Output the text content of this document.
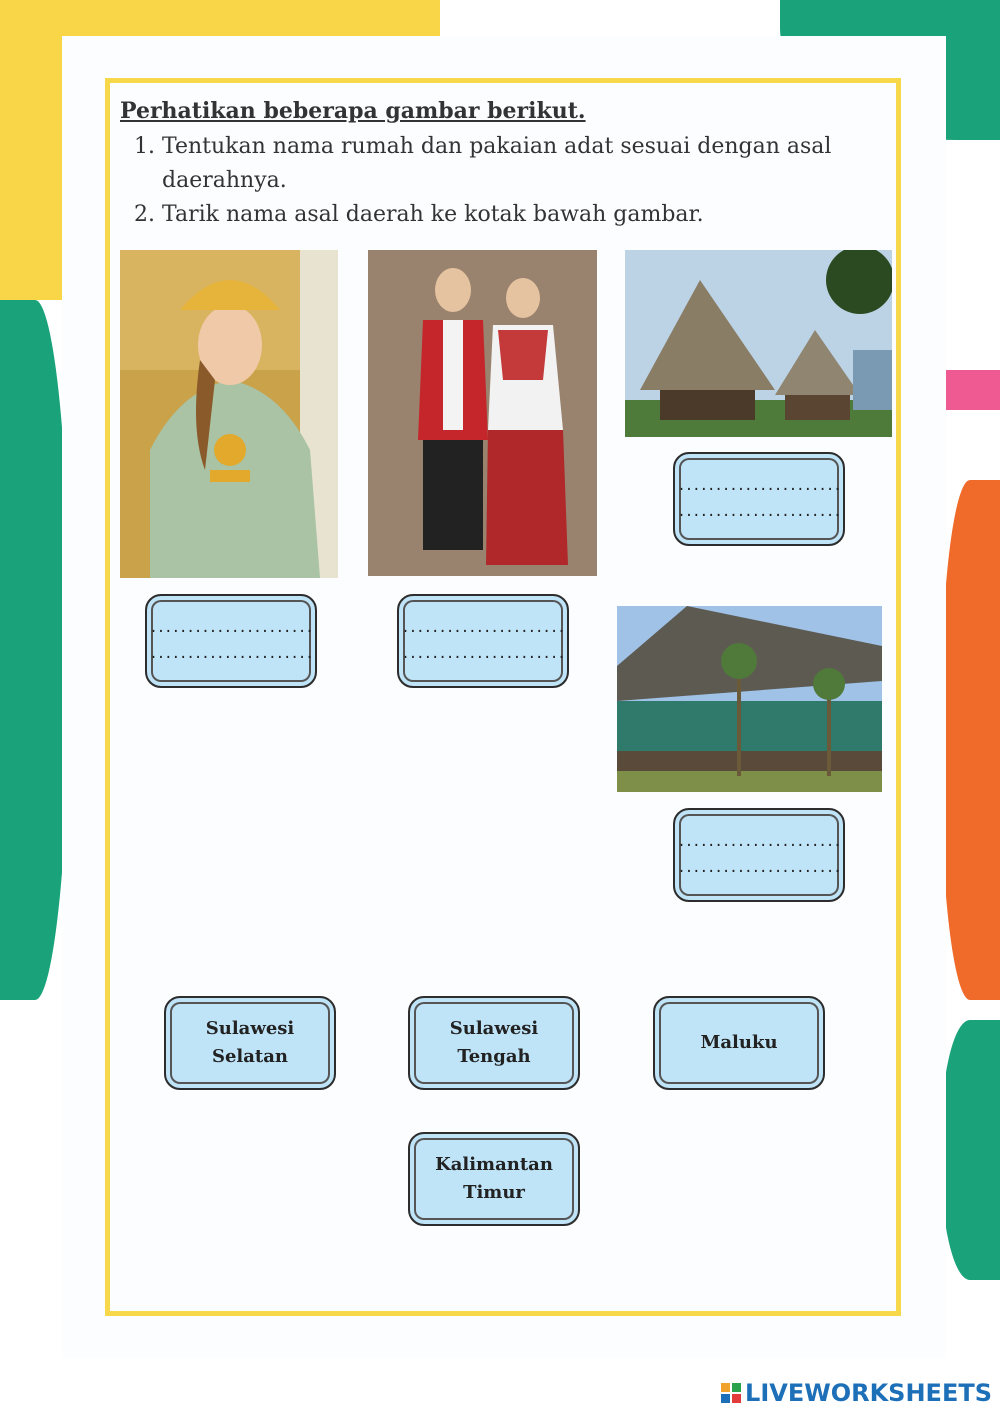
Perhatikan beberapa gambar berikut.

1. Tentukan nama rumah dan pakaian adat sesuai dengan asal daerahnya.
2. Tarik nama asal daerah ke kotak bawah gambar.
......................
......................
......................
......................
......................
......................
......................
......................
Sulawesi
Selatan
Sulawesi
Tengah
Maluku
Kalimantan
Timur
LIVEWORKSHEETS
